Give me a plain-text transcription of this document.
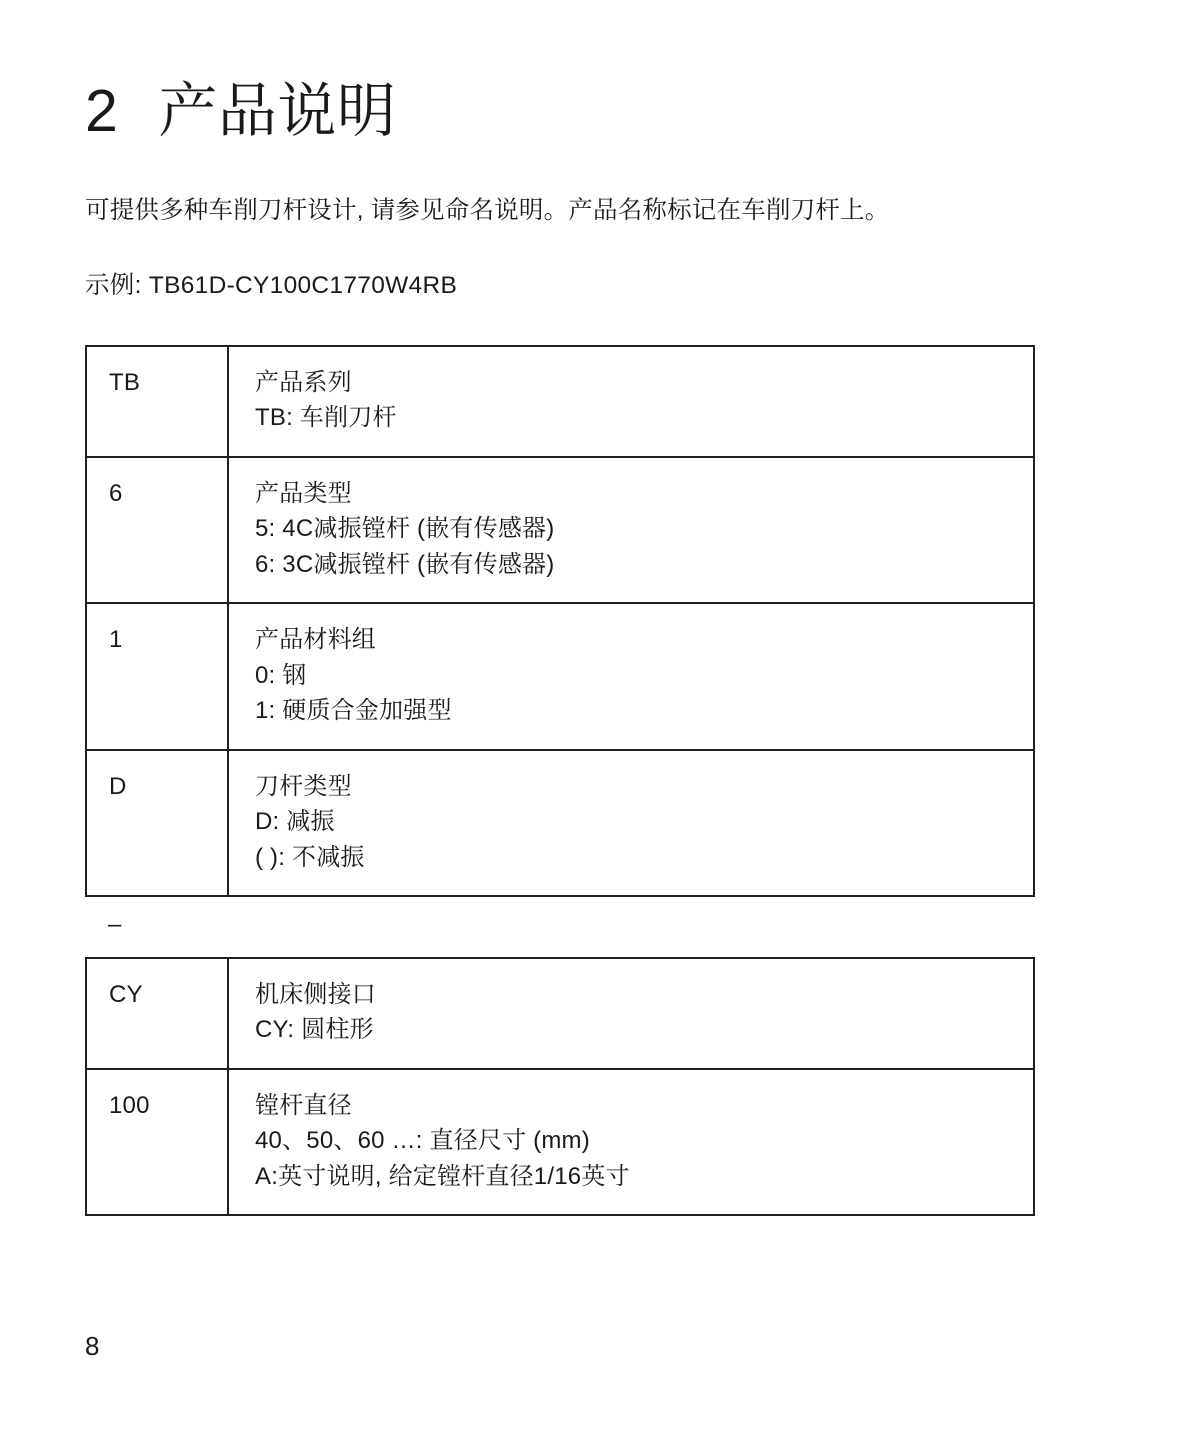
2 产品说明

可提供多种车削刀杆设计, 请参见命名说明。产品名称标记在车削刀杆上。

示例: TB61D-CY100C1770W4RB

TB	产品系列
TB: 车削刀杆

6	产品类型
5: 4C减振镗杆 (嵌有传感器)
6: 3C减振镗杆 (嵌有传感器)

1	产品材料组
0: 钢
1: 硬质合金加强型

D	刀杆类型
D: 减振
( ): 不减振

–	
CY	机床侧接口
CY: 圆柱形

100	镗杆直径
40、50、60 …: 直径尺寸 (mm)
A:英寸说明, 给定镗杆直径1/16英寸
8
